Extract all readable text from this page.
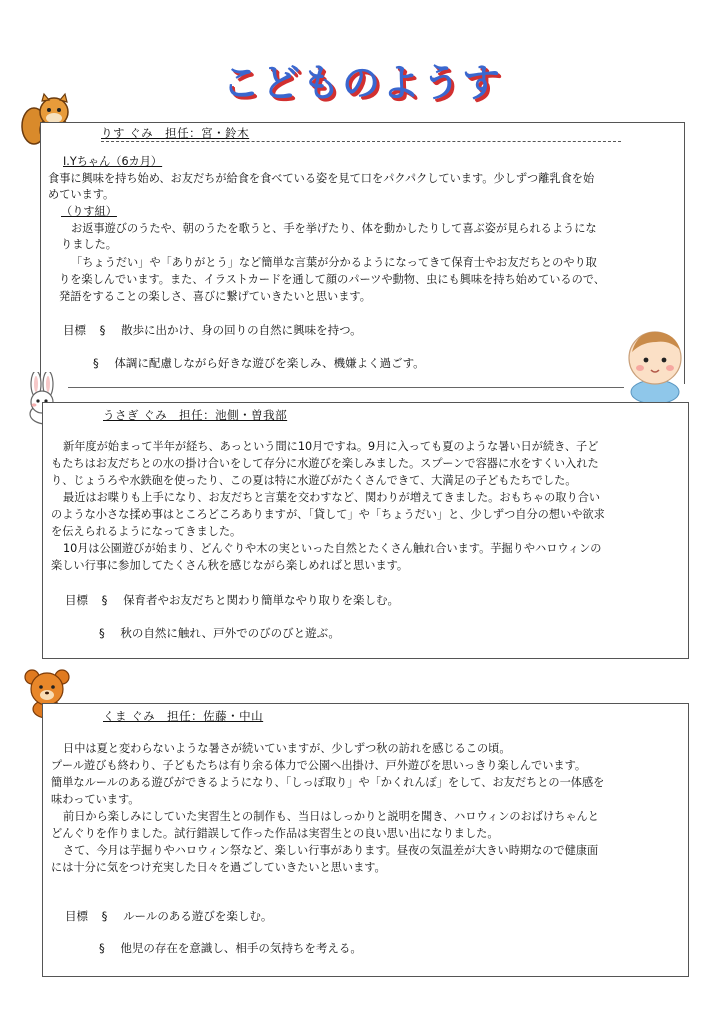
こどものようす
りす ぐみ　担任：宮・鈴木
I.Yちゃん（6カ月）
食事に興味を持ち始め、お友だちが給食を食べている姿を見て口をパクパクしています。少しずつ離乳食を始
めています。
（りす組）
お返事遊びのうたや、朝のうたを歌うと、手を挙げたり、体を動かしたりして喜ぶ姿が見られるようにな
りました。
「ちょうだい」や「ありがとう」など簡単な言葉が分かるようになってきて保育士やお友だちとのやり取
りを楽しんでいます。また、イラストカードを通して顔のパーツや動物、虫にも興味を持ち始めているので、
発語をすることの楽しさ、喜びに繋げていきたいと思います。
目標 § 散歩に出かけ、身の回りの自然に興味を持つ。
§ 体調に配慮しながら好きな遊びを楽しみ、機嫌よく過ごす。
うさぎ ぐみ　担任：池側・曽我部
新年度が始まって半年が経ち、あっという間に10月ですね。9月に入っても夏のような暑い日が続き、子ど
もたちはお友だちとの水の掛け合いをして存分に水遊びを楽しみました。スプーンで容器に水をすくい入れた
り、じょうろや水鉄砲を使ったり、この夏は特に水遊びがたくさんできて、大満足の子どもたちでした。
最近はお喋りも上手になり、お友だちと言葉を交わすなど、関わりが増えてきました。おもちゃの取り合い
のような小さな揉め事はところどころありますが、「貸して」や「ちょうだい」と、少しずつ自分の想いや欲求
を伝えられるようになってきました。
10月は公園遊びが始まり、どんぐりや木の実といった自然とたくさん触れ合います。芋掘りやハロウィンの
楽しい行事に参加してたくさん秋を感じながら楽しめればと思います。
目標 § 保育者やお友だちと関わり簡単なやり取りを楽しむ。
§ 秋の自然に触れ、戸外でのびのびと遊ぶ。
くま ぐみ　担任：佐藤・中山
日中は夏と変わらないような暑さが続いていますが、少しずつ秋の訪れを感じるこの頃。
プール遊びも終わり、子どもたちは有り余る体力で公園へ出掛け、戸外遊びを思いっきり楽しんでいます。
簡単なルールのある遊びができるようになり、「しっぽ取り」や「かくれんぼ」をして、お友だちとの一体感を
味わっています。
前日から楽しみにしていた実習生との制作も、当日はしっかりと説明を聞き、ハロウィンのおばけちゃんと
どんぐりを作りました。試行錯誤して作った作品は実習生との良い思い出になりました。
さて、今月は芋掘りやハロウィン祭など、楽しい行事があります。昼夜の気温差が大きい時期なので健康面
には十分に気をつけ充実した日々を過ごしていきたいと思います。
目標 § ルールのある遊びを楽しむ。
§ 他児の存在を意識し、相手の気持ちを考える。
